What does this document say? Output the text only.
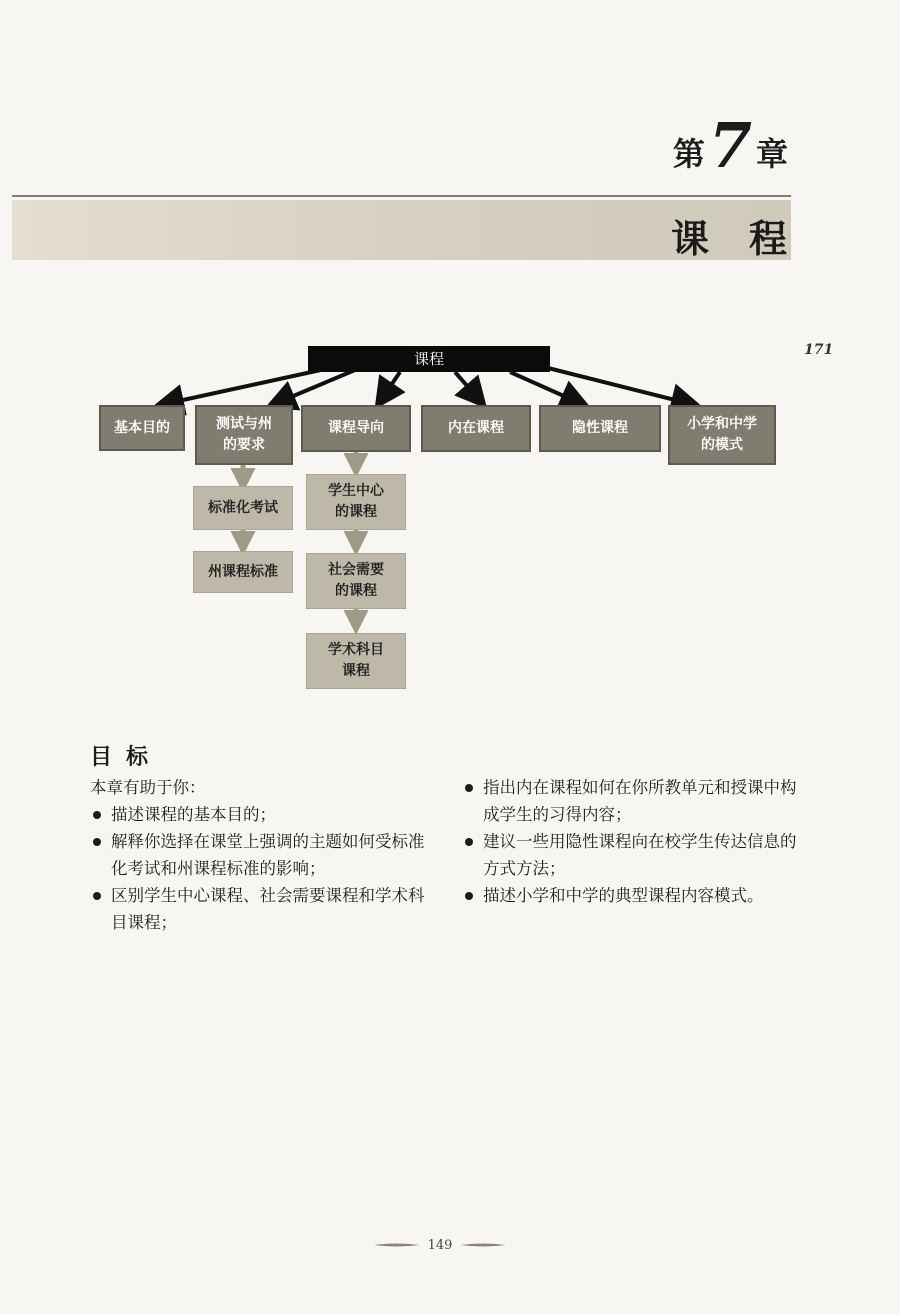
第 7 章
课程
171
课程
基本目的	测试与州
的要求
课程导向	内在课程	隐性课程	小学和中学
的模式
标准化考试
州课程标准
学生中心
的课程
社会需要
的课程
学术科目
课程
目标

本章有助于你：

描述课程的基本目的；
解释你选择在课堂上强调的主题如何受标准化考试和州课程标准的影响；
区别学生中心课程、社会需要课程和学术科目课程；
指出内在课程如何在你所教单元和授课中构成学生的习得内容；
建议一些用隐性课程向在校学生传达信息的方式方法；
描述小学和中学的典型课程内容模式。
149
